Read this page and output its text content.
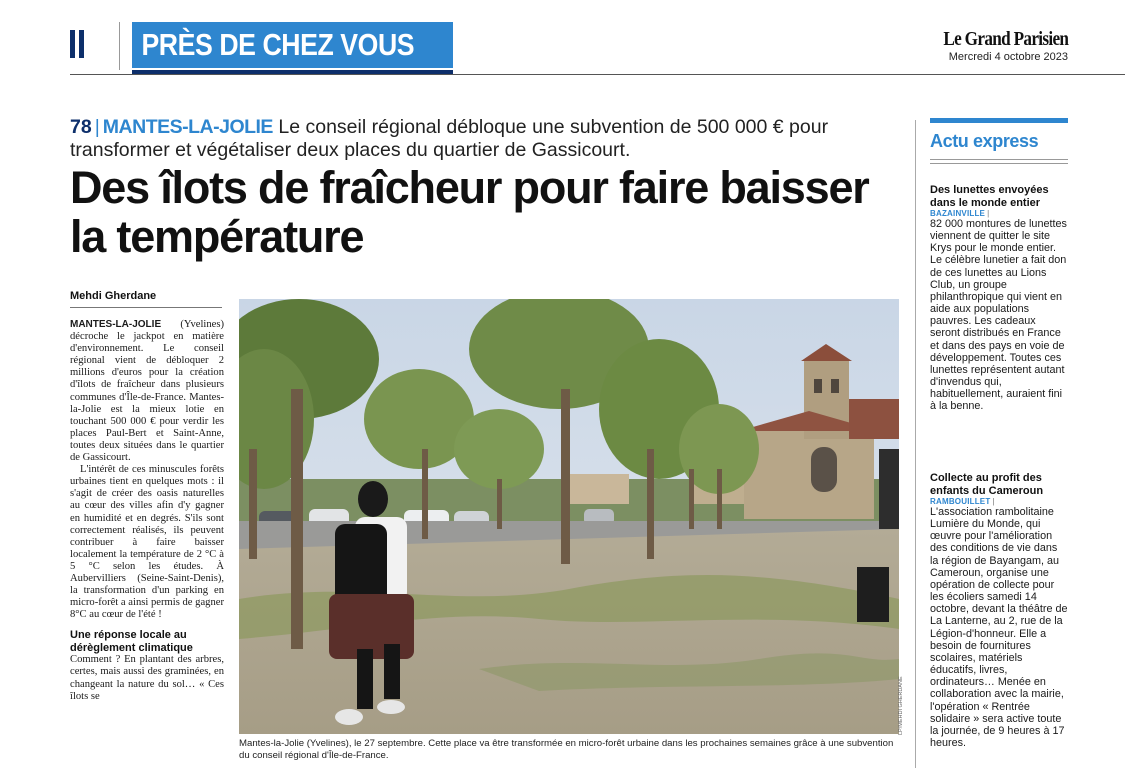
PRÈS DE CHEZ VOUS	Le Grand Parisien
Mercredi 4 octobre 2023
78 | MANTES-LA-JOLIE Le conseil régional débloque une subvention de 500 000 € pour transformer et végétaliser deux places du quartier de Gassicourt.
Des îlots de fraîcheur pour faire baisser la température
Mehdi Gherdane

MANTES-LA-JOLIE (Yvelines) décroche le jackpot en matière d'environnement. Le conseil régional vient de débloquer 2 millions d'euros pour la création d'îlots de fraîcheur dans plusieurs communes d'Île-de-France. Mantes-la-Jolie est la mieux lotie en touchant 500 000 € pour verdir les places Paul-Bert et Saint-Anne, toutes deux situées dans le quartier de Gassicourt.

L'intérêt de ces minuscules forêts urbaines tient en quelques mots : il s'agit de créer des oasis naturelles au cœur des villes afin d'y gagner en humidité et en degrés. S'ils sont correctement réalisés, ils peuvent contribuer à faire baisser localement la température de 2 °C à 5 °C selon les études. À Aubervilliers (Seine-Saint-Denis), la transformation d'un parking en micro-forêt a ainsi permis de gagner 8°C au cœur de l'été !

Une réponse locale au dérèglement climatique

Comment ? En plantant des arbres, certes, mais aussi des graminées, en changeant la nature du sol… « Ces îlots se	LP/MEHDI GHERDANE
Mantes-la-Jolie (Yvelines), le 27 septembre. Cette place va être transformée en micro-forêt urbaine dans les prochaines semaines grâce à une subvention du conseil régional d'Île-de-France.
Actu express

Des lunettes envoyées dans le monde entier

BAZAINVILLE |

82 000 montures de lunettes viennent de quitter le site Krys pour le monde entier. Le célèbre lunetier a fait don de ces lunettes au Lions Club, un groupe philanthropique qui vient en aide aux populations pauvres. Les cadeaux seront distribués en France et dans des pays en voie de développement. Toutes ces lunettes représentent autant d'invendus qui, habituellement, auraient fini à la benne.

Collecte au profit des enfants du Cameroun

RAMBOUILLET |

L'association rambolitaine Lumière du Monde, qui œuvre pour l'amélioration des conditions de vie dans la région de Bayangam, au Cameroun, organise une opération de collecte pour les écoliers samedi 14 octobre, devant la théâtre de La Lanterne, au 2, rue de la Légion-d'honneur. Elle a besoin de fournitures scolaires, matériels éducatifs, livres, ordinateurs… Menée en collaboration avec la mairie, l'opération « Rentrée solidaire » sera active toute la journée, de 9 heures à 17 heures.
